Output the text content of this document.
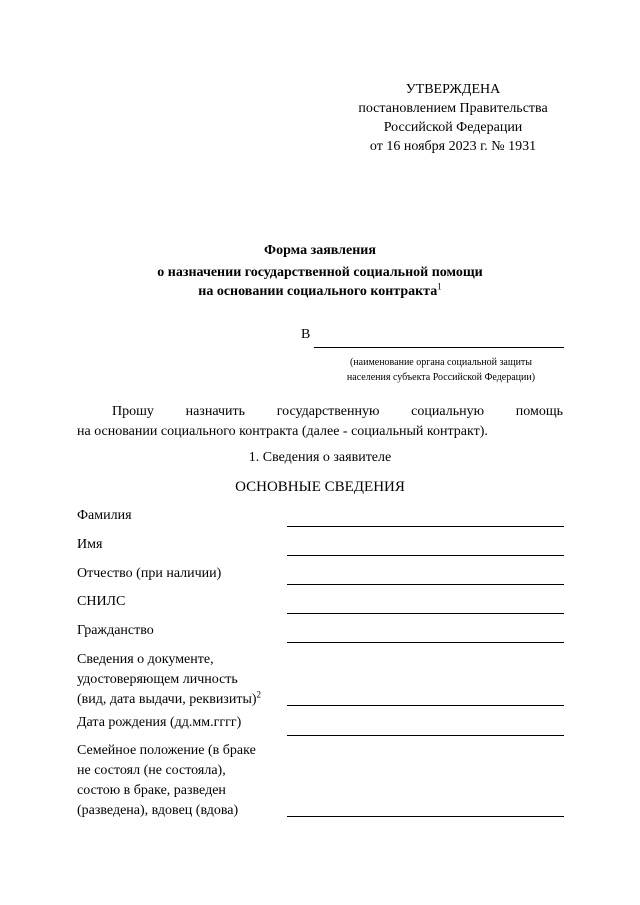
УТВЕРЖДЕНА
постановлением Правительства
Российской Федерации
от 16 ноября 2023 г. № 1931
Форма заявления
о назначении государственной социальной помощи
на основании социального контракта$^1$
В
(наименование органа социальной защиты
населения субъекта Российской Федерации)
Прошу назначить государственную социальную помощь
на основании социального контракта (далее - социальный контракт).
1. Сведения о заявителе
ОСНОВНЫЕ СВЕДЕНИЯ
Фамилия
Имя
Отчество (при наличии)
СНИЛС
Гражданство
Сведения о документе,
удостоверяющем личность
(вид, дата выдачи, реквизиты)$^2$
Дата рождения (дд.мм.гггг)
Семейное положение (в браке
не состоял (не состояла),
состою в браке, разведен
(разведена), вдовец (вдова)
